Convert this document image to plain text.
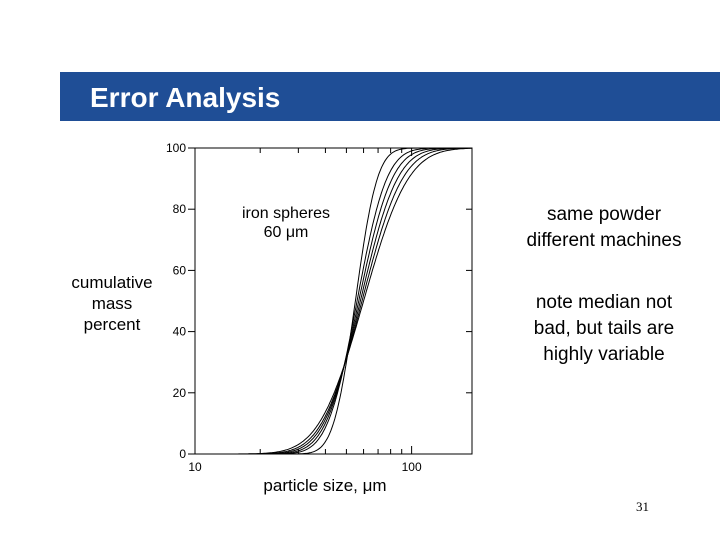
Error Analysis
0
20
40
60
80
100
10	100
cumulative
mass
percent
particle size, μm
iron spheres
60 μm
same powder
different machines
note median not
bad, but tails are
highly variable
31
